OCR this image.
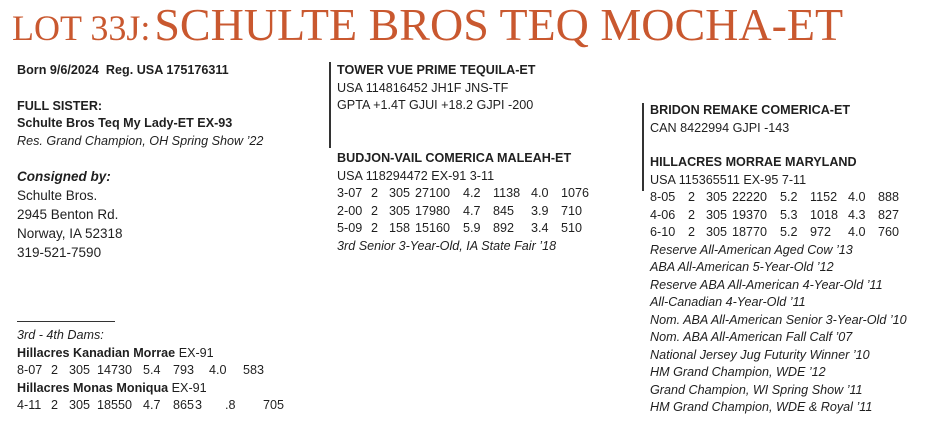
LOT 33J: SCHULTE BROS TEQ MOCHA-ET
Born 9/6/2024 Reg. USA 175176311
FULL SISTER:
Schulte Bros Teq My Lady-ET EX-93
Res. Grand Champion, OH Spring Show ’22
Consigned by:
Schulte Bros.
2945 Benton Rd.
Norway, IA 52318
319-521-7590
3rd - 4th Dams:
Hillacres Kanadian Morrae EX-91
8-07 2 305 14730 5.4 793 4.0 583
Hillacres Monas Moniqua EX-91
4-11 2 305 18550 4.7 8653 .8 705
TOWER VUE PRIME TEQUILA-ET
USA 114816452 JH1F JNS-TF
GPTA +1.4T GJUI +18.2 GJPI -200
BUDJON-VAIL COMERICA MALEAH-ET
USA 118294472 EX-91 3-11
3-07 2 305 27100 4.2 1138 4.0 1076
2-00 2 305 17980 4.7 845 3.9 710
5-09 2 158 15160 5.9 892 3.4 510
3rd Senior 3-Year-Old, IA State Fair ’18
BRIDON REMAKE COMERICA-ET
CAN 8422994 GJPI -143
HILLACRES MORRAE MARYLAND
USA 115365511 EX-95 7-11
8-05 2 305 22220 5.2 1152 4.0 888
4-06 2 305 19370 5.3 1018 4.3 827
6-10 2 305 18770 5.2 972 4.0 760
Reserve All-American Aged Cow ’13
ABA All-American 5-Year-Old ’12
Reserve ABA All-American 4-Year-Old ’11
All-Canadian 4-Year-Old ’11
Nom. ABA All-American Senior 3-Year-Old ’10
Nom. ABA All-American Fall Calf ’07
National Jersey Jug Futurity Winner ’10
HM Grand Champion, WDE ’12
Grand Champion, WI Spring Show ’11
HM Grand Champion, WDE & Royal ’11
